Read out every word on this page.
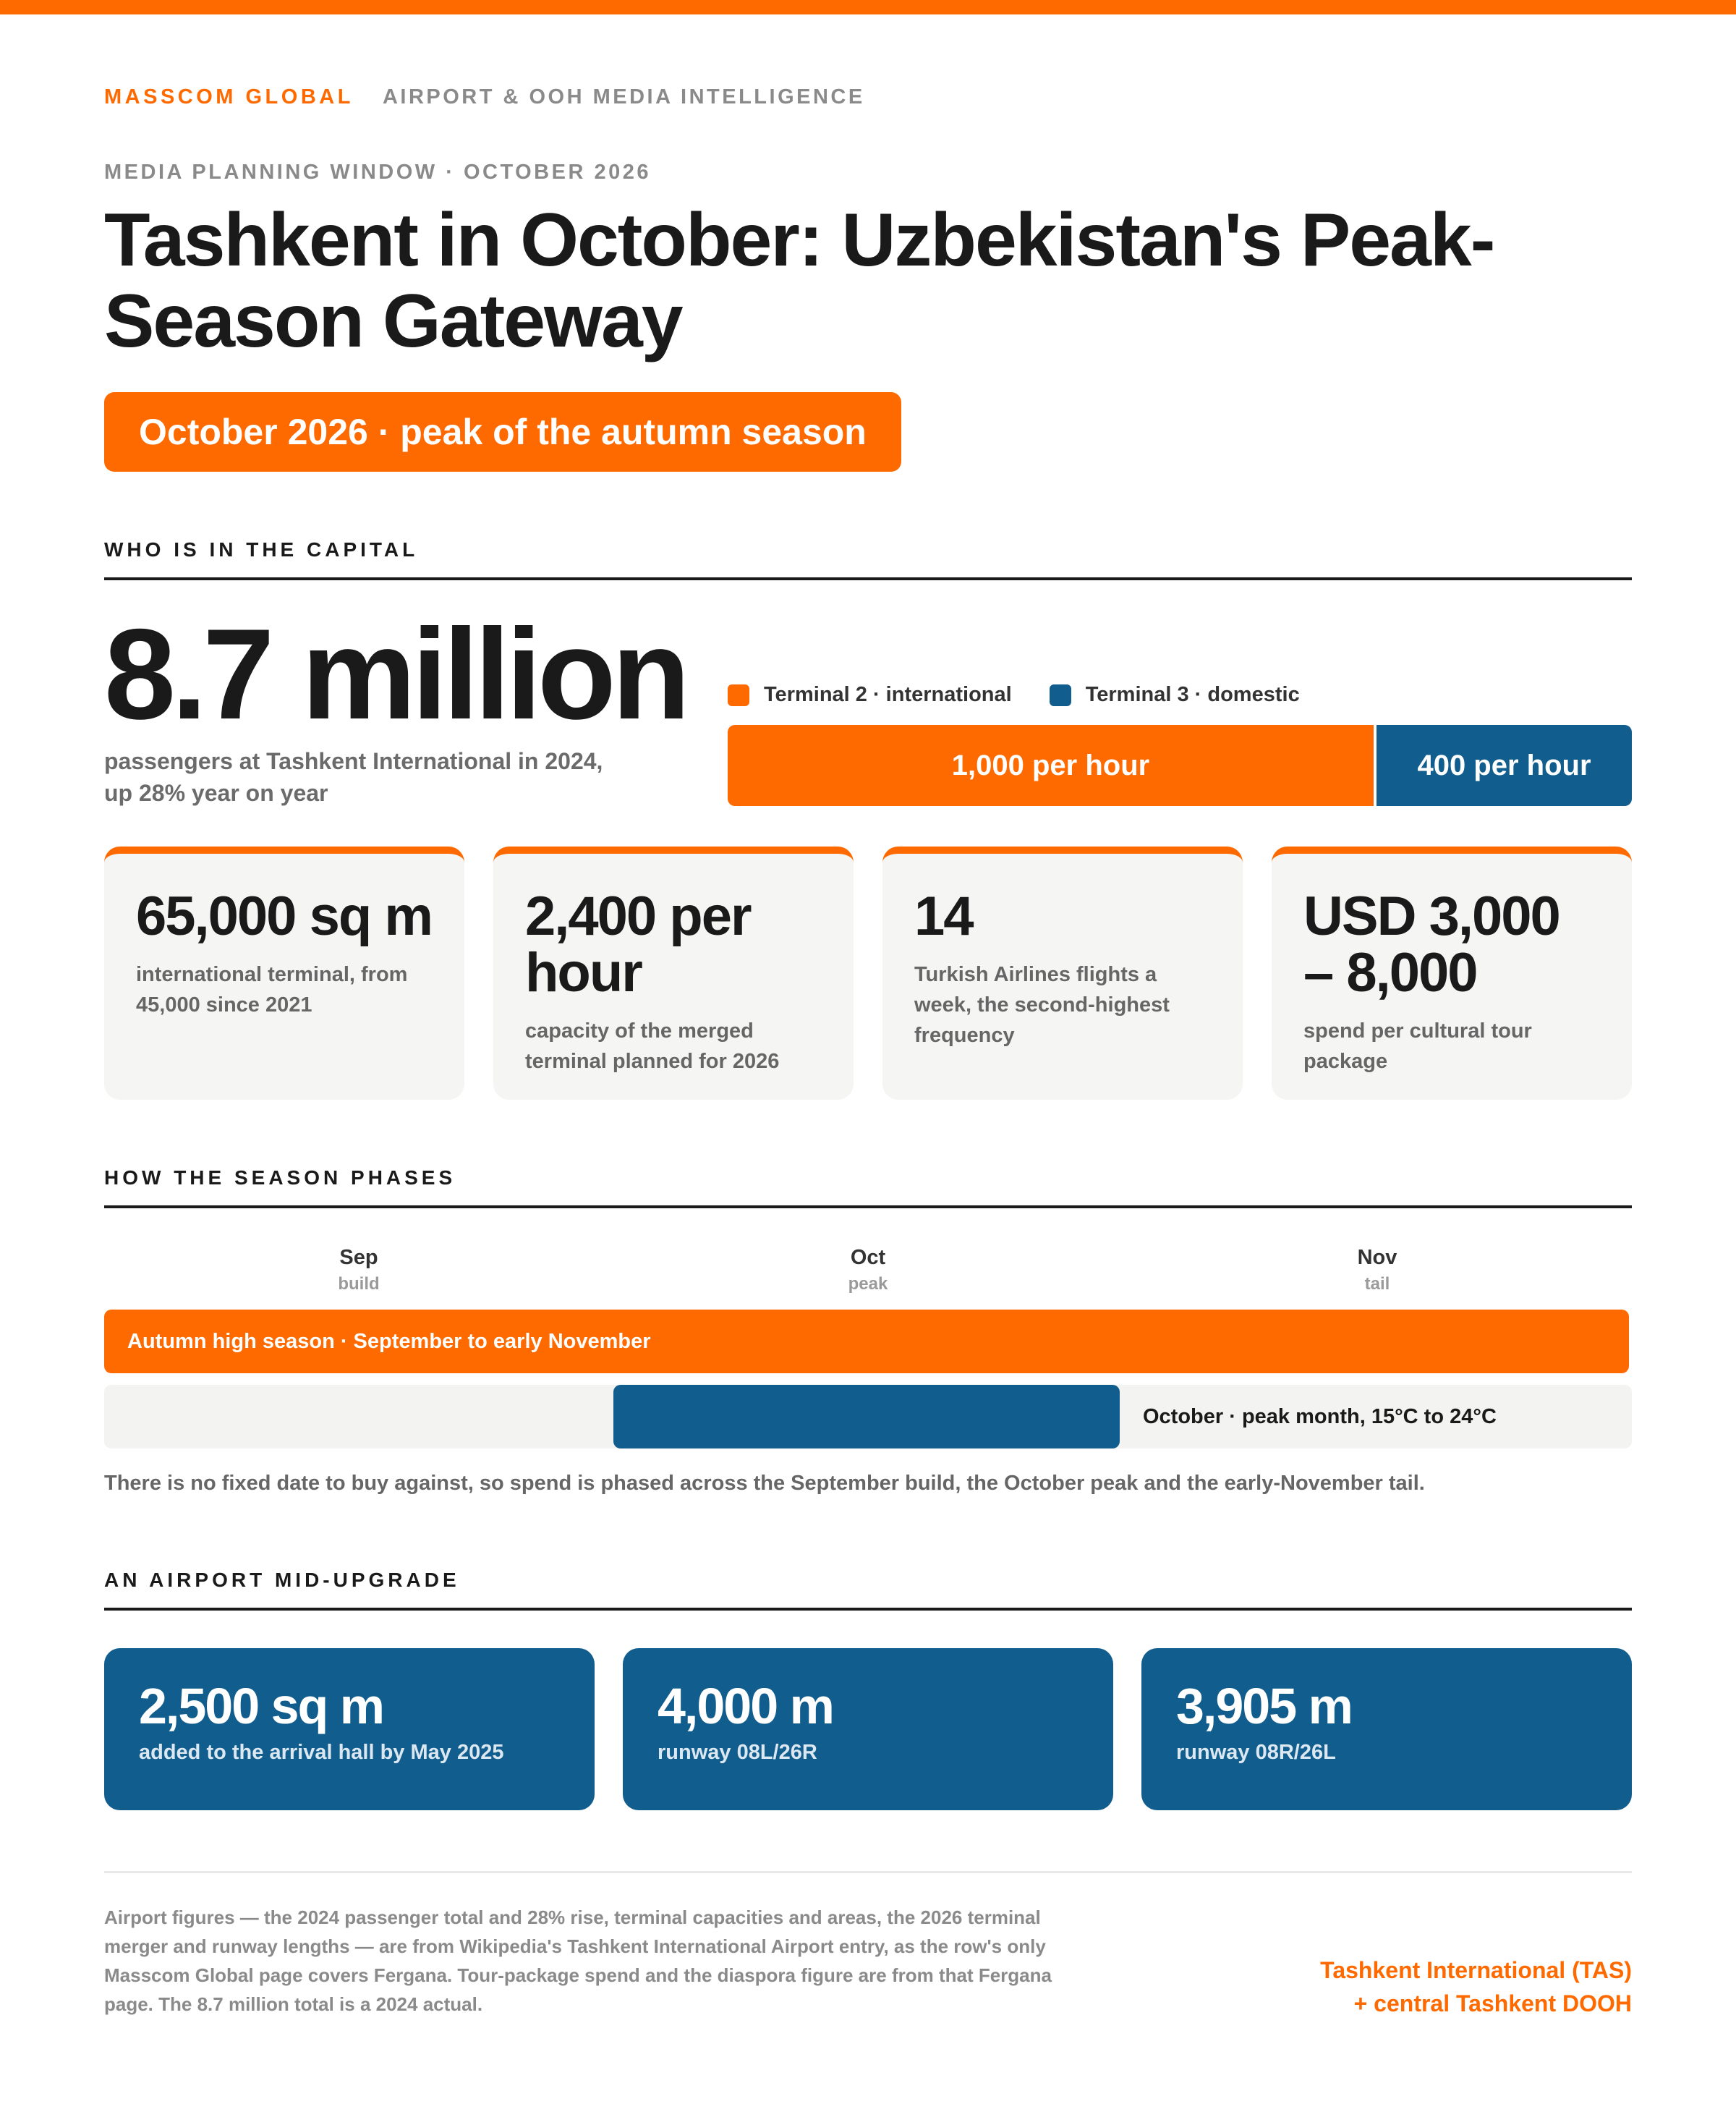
MASSCOM GLOBAL AIRPORT & OOH MEDIA INTELLIGENCE
MEDIA PLANNING WINDOW · OCTOBER 2026
Tashkent in October: Uzbekistan's Peak-Season Gateway
October 2026 · peak of the autumn season
WHO IS IN THE CAPITAL
8.7 million
passengers at Tashkent International in 2024, up 28% year on year
Terminal 2 · international	Terminal 3 · domestic
1,000 per hour	400 per hour
65,000 sq m
international terminal, from 45,000 since 2021
2,400 per hour
capacity of the merged terminal planned for 2026
14
Turkish Airlines flights a week, the second-highest frequency
USD 3,000 – 8,000
spend per cultural tour package
HOW THE SEASON PHASES
Sep
build
Oct
peak
Nov
tail
Autumn high season · September to early November
October · peak month, 15°C to 24°C
There is no fixed date to buy against, so spend is phased across the September build, the October peak and the early-November tail.
AN AIRPORT MID-UPGRADE
2,500 sq m
added to the arrival hall by May 2025
4,000 m
runway 08L/26R
3,905 m
runway 08R/26L
Airport figures — the 2024 passenger total and 28% rise, terminal capacities and areas, the 2026 terminal merger and runway lengths — are from Wikipedia's Tashkent International Airport entry, as the row's only Masscom Global page covers Fergana. Tour-package spend and the diaspora figure are from that Fergana page. The 8.7 million total is a 2024 actual.
Tashkent International (TAS)
+ central Tashkent DOOH
